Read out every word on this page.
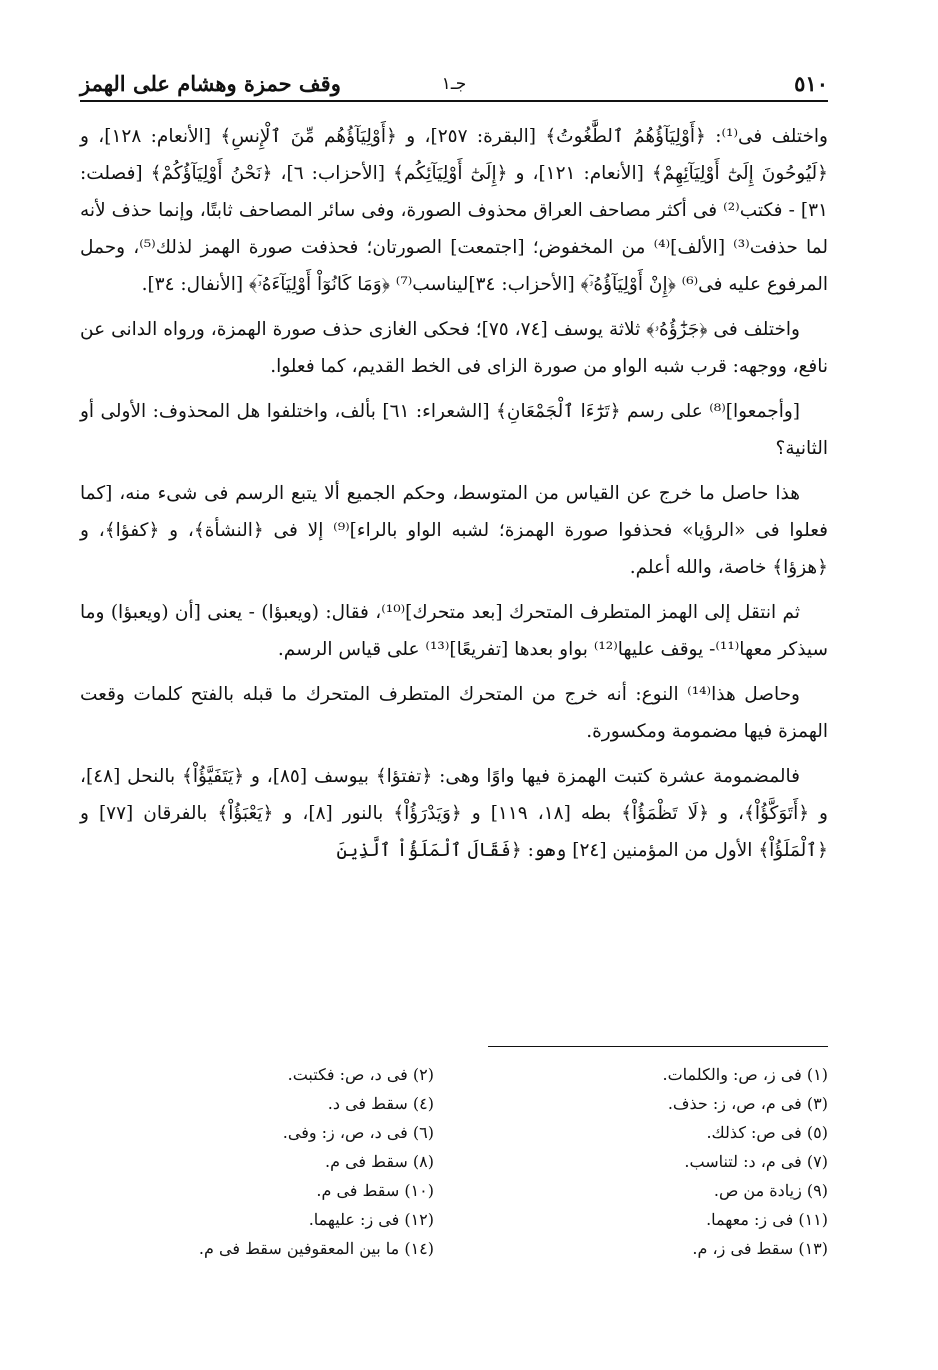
٥١٠
جـ١
وقف حمزة وهشام على الهمز

واختلف فى⁽¹⁾: ﴿أَوْلِيَآؤُهُمُ ٱلطَّٰغُوتُ﴾ [البقرة: ٢٥٧]، و ﴿أَوْلِيَآؤُهُم مِّنَ ٱلْإِنسِ﴾ [الأنعام: ١٢٨]، و ﴿لَيُوحُونَ إِلَىٰٓ أَوْلِيَآئِهِمْ﴾ [الأنعام: ١٢١]، و ﴿إِلَىٰٓ أَوْلِيَآئِكُم﴾ [الأحزاب: ٦]، ﴿نَحْنُ أَوْلِيَآؤُكُمْ﴾ [فصلت: ٣١] - فكتب⁽²⁾ فى أكثر مصاحف العراق محذوف الصورة، وفى سائر المصاحف ثابتًا، وإنما حذف لأنه لما حذفت⁽³⁾ [الألف]⁽⁴⁾ من المخفوض؛ [اجتمعت] الصورتان؛ فحذفت صورة الهمز لذلك⁽⁵⁾، وحمل المرفوع عليه فى⁽⁶⁾ ﴿إِنْ أَوْلِيَآؤُهُۥٓ﴾ [الأحزاب: ٣٤]ليناسب⁽⁷⁾ ﴿وَمَا كَانُوٓاْ أَوْلِيَآءَهُۥٓ﴾ [الأنفال: ٣٤].

واختلف فى ﴿جَزَٰٓؤُهُۥ﴾ ثلاثة يوسف [٧٤، ٧٥]؛ فحكى الغازى حذف صورة الهمزة، ورواه الدانى عن نافع، ووجهه: قرب شبه الواو من صورة الزاى فى الخط القديم، كما فعلوا.

[وأجمعوا]⁽⁸⁾ على رسم ﴿تَرَٰٓءَا ٱلْجَمْعَانِ﴾ [الشعراء: ٦١] بألف، واختلفوا هل المحذوف: الأولى أو الثانية؟

هذا حاصل ما خرج عن القياس من المتوسط، وحكم الجميع ألا يتبع الرسم فى شىء منه، [كما فعلوا فى «الرؤيا» فحذفوا صورة الهمزة؛ لشبه الواو بالراء]⁽⁹⁾ إلا فى ﴿النشأة﴾، و ﴿كفؤا﴾، و ﴿هزؤا﴾ خاصة، والله أعلم.

ثم انتقل إلى الهمز المتطرف المتحرك [بعد متحرك]⁽¹⁰⁾، فقال: (ويعبؤا) - يعنى [أن (ويعبؤا) وما سيذكر معها⁽¹¹⁾- يوقف عليها⁽¹²⁾ بواو بعدها [تفريعًا]⁽¹³⁾ على قياس الرسم.

وحاصل هذا⁽¹⁴⁾ النوع: أنه خرج من المتحرك المتطرف المتحرك ما قبله بالفتح كلمات وقعت الهمزة فيها مضمومة ومكسورة.

فالمضمومة عشرة كتبت الهمزة فيها واوًا وهى: ﴿تفتؤا﴾ بيوسف [٨٥]، و ﴿يَتَفَيَّؤُاْ﴾ بالنحل [٤٨]، و ﴿أَتَوَكَّؤُاْ﴾، و ﴿لَا تَظْمَؤُاْ﴾ بطه [١٨، ١١٩] و ﴿وَيَدْرَؤُاْ﴾ بالنور [٨]، و ﴿يَعْبَؤُاْ﴾ بالفرقان [٧٧] و ﴿ٱلْمَلَؤُاْ﴾ الأول من المؤمنين [٢٤] وهو: ﴿فَقَالَ ٱلْمَلَؤُاْ ٱلَّذِينَ

(١) فى ز، ص: والكلمات.
(٢) فى د، ص: فكتبت.
(٣) فى م، ص، ز: حذف.
(٤) سقط فى د.
(٥) فى ص: كذلك.
(٦) فى د، ص، ز: وفى.
(٧) فى م، د: لتناسب.
(٨) سقط فى م.
(٩) زيادة من ص.
(١٠) سقط فى م.
(١١) فى ز: معهما.
(١٢) فى ز: عليهما.
(١٣) سقط فى ز، م.
(١٤) ما بين المعقوفين سقط فى م.
